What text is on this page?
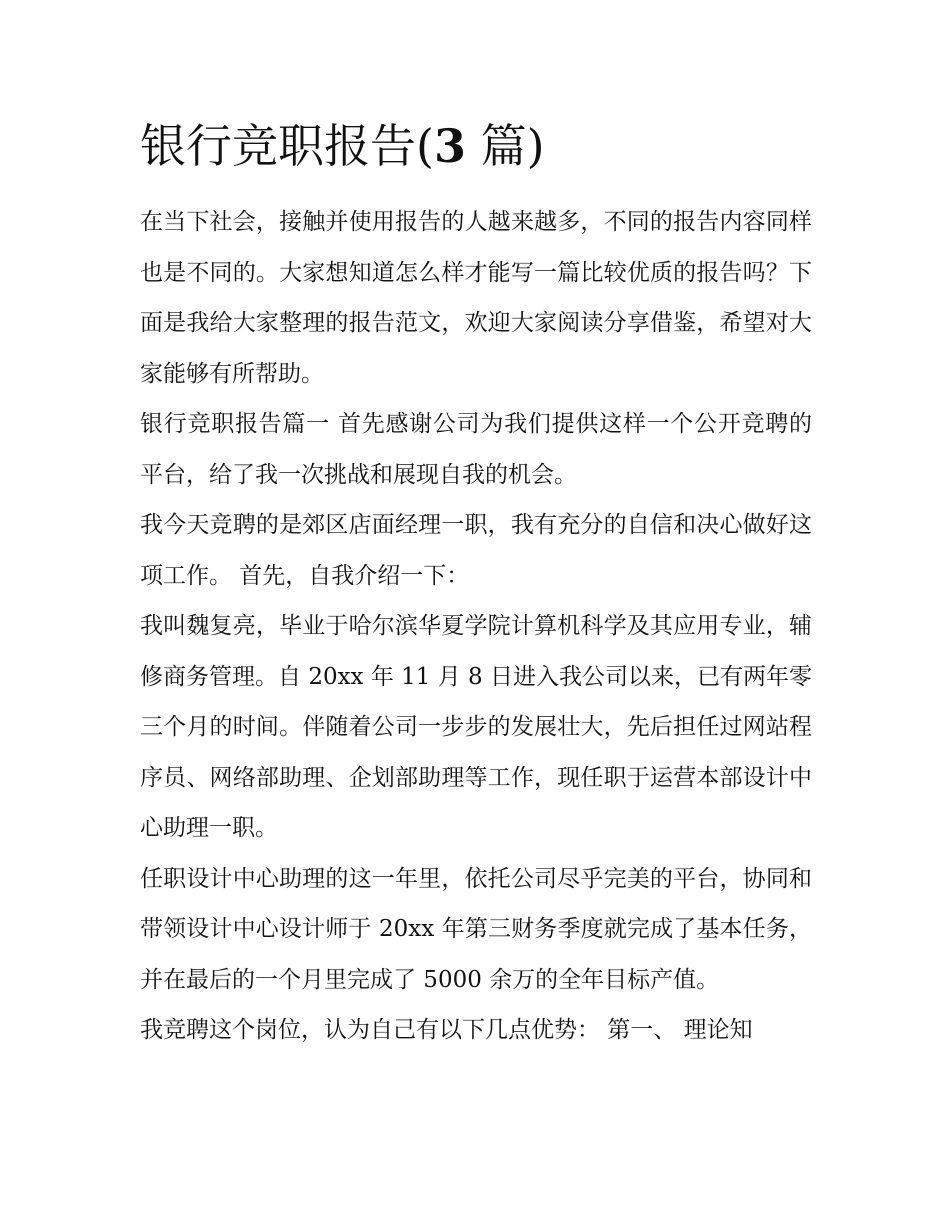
银行竞职报告(3 篇)

在当下社会，接触并使用报告的人越来越多，不同的报告内容同样也是不同的。大家想知道怎么样才能写一篇比较优质的报告吗？下面是我给大家整理的报告范文，欢迎大家阅读分享借鉴，希望对大家能够有所帮助。

银行竞职报告篇一 首先感谢公司为我们提供这样一个公开竞聘的平台，给了我一次挑战和展现自我的机会。

我今天竞聘的是郊区店面经理一职，我有充分的自信和决心做好这项工作。 首先，自我介绍一下：

我叫魏复亮，毕业于哈尔滨华夏学院计算机科学及其应用专业，辅修商务管理。自 20xx 年 11 月 8 日进入我公司以来，已有两年零三个月的时间。伴随着公司一步步的发展壮大，先后担任过网站程序员、网络部助理、企划部助理等工作，现任职于运营本部设计中心助理一职。

任职设计中心助理的这一年里，依托公司尽乎完美的平台，协同和带领设计中心设计师于 20xx 年第三财务季度就完成了基本任务，并在最后的一个月里完成了 5000 余万的全年目标产值。

我竞聘这个岗位，认为自己有以下几点优势： 第一、 理论知
